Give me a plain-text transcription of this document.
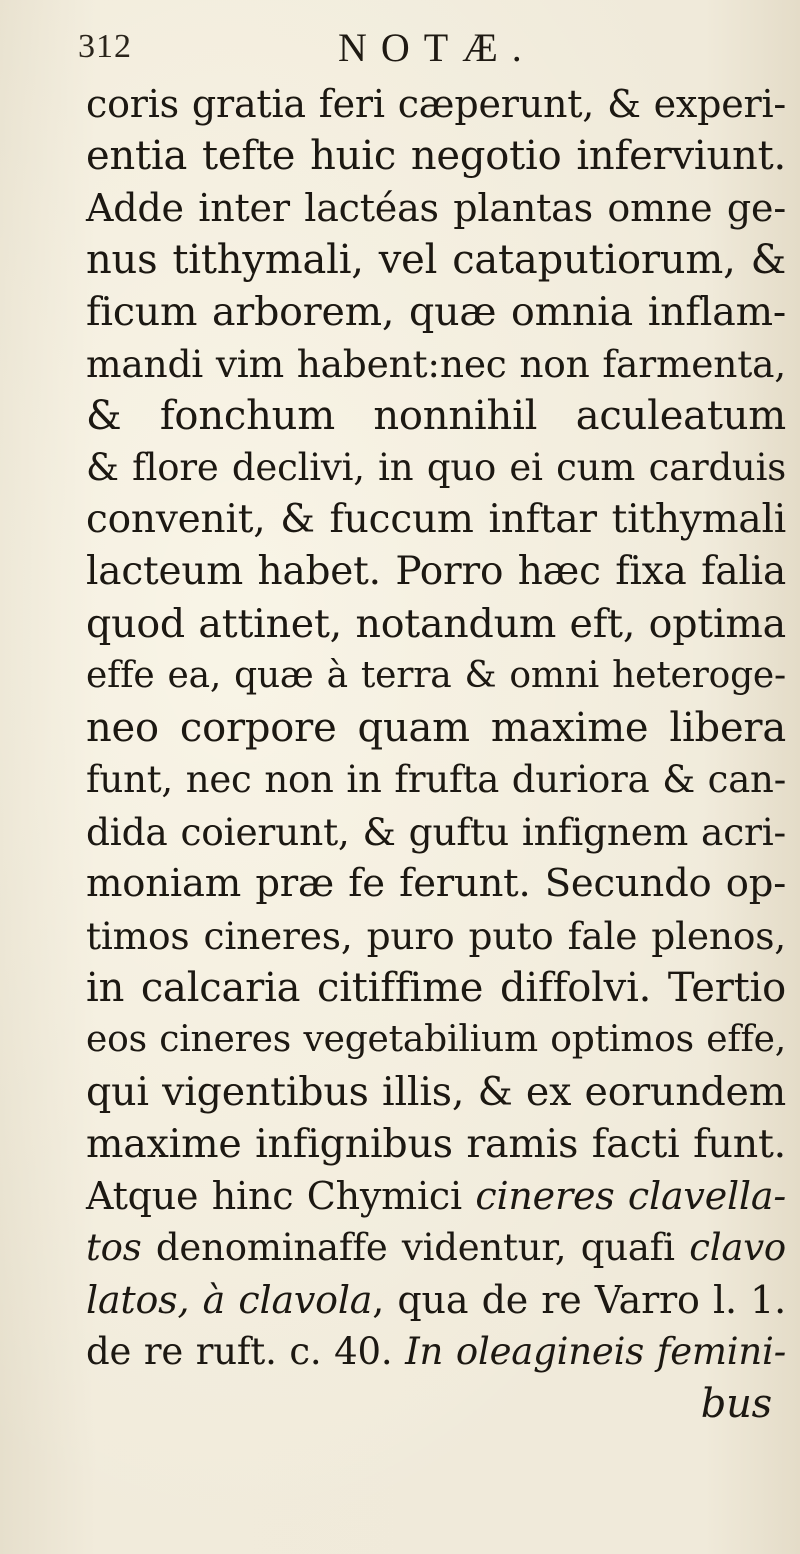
312	NOTÆ.
coris gratia feri cæperunt, & experi-
entia tefte huic negotio inferviunt.
Adde inter lactéas plantas omne ge-
nus tithymali, vel cataputiorum, &
ficum arborem, quæ omnia inflam-
mandi vim habent:nec non farmenta,
& fonchum nonnihil aculeatum
& flore declivi, in quo ei cum carduis
convenit, & fuccum inftar tithymali
lacteum habet. Porro hæc fixa falia
quod attinet, notandum eft, optima
effe ea, quæ à terra & omni heteroge-
neo corpore quam maxime libera
funt, nec non in frufta duriora & can-
dida coierunt, & guftu infignem acri-
moniam præ fe ferunt. Secundo op-
timos cineres, puro puto fale plenos,
in calcaria citiffime diffolvi. Tertio
eos cineres vegetabilium optimos effe,
qui vigentibus illis, & ex eorundem
maxime infignibus ramis facti funt.
Atque hinc Chymici cineres clavella-
tos denominaffe videntur, quafi clavo
latos, à clavola, qua de re Varro l. 1.
de re ruft. c. 40. In oleagineis femini-
bus
